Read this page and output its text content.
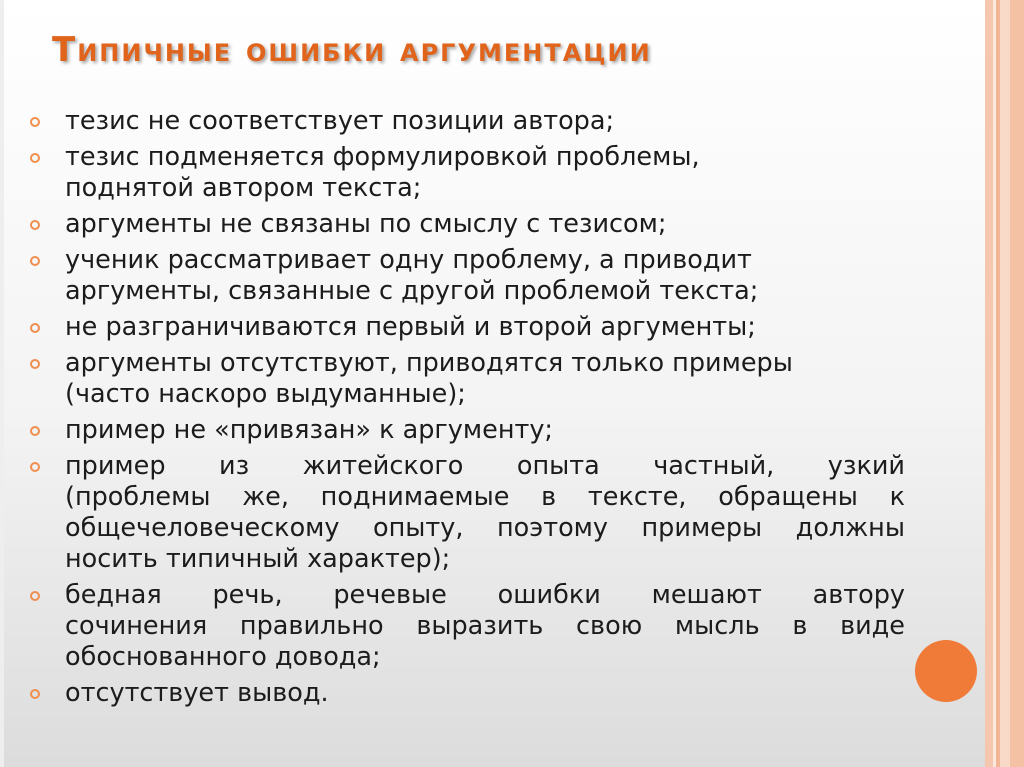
Типичные ошибки аргументации
тезис не соответствует позиции автора;
тезис подменяется формулировкой проблемы,
поднятой автором текста;
аргументы не связаны по смыслу с тезисом;
ученик рассматривает одну проблему, а приводит
аргументы, связанные с другой проблемой текста;
не разграничиваются первый и второй аргументы;
аргументы отсутствуют, приводятся только примеры
(часто наскоро выдуманные);
пример не «привязан» к аргументу;
пример из житейского опыта частный, узкий
(проблемы же, поднимаемые в тексте, обращены к
общечеловеческому опыту, поэтому примеры должны
носить типичный характер);
бедная речь, речевые ошибки мешают автору
сочинения правильно выразить свою мысль в виде
обоснованного довода;
отсутствует вывод.
